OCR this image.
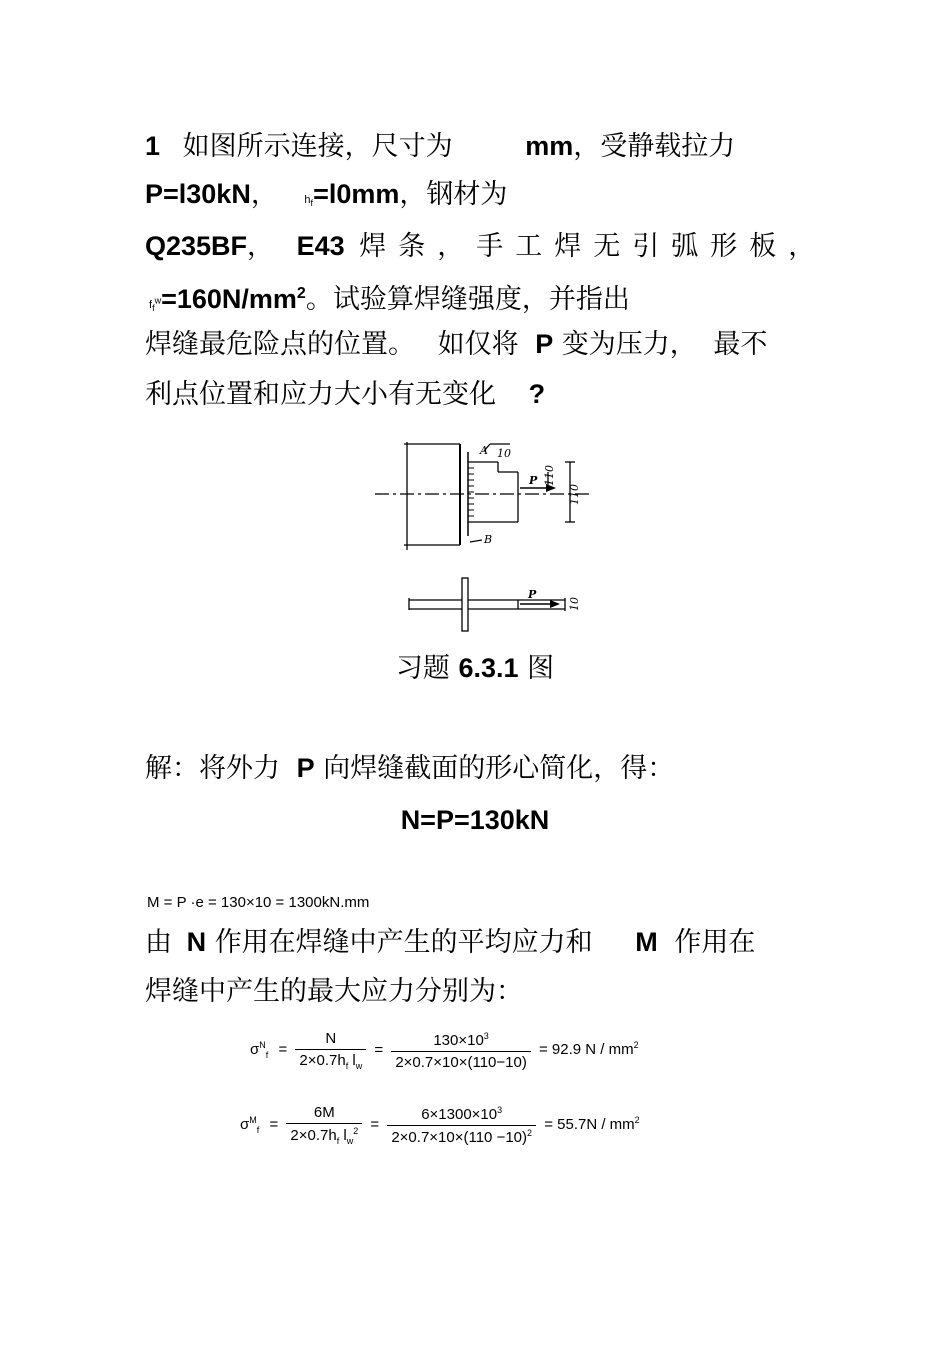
1 如图所示连接，尺寸为	mm，受静载拉力
P=l30kN， $h_f=l0mm$，钢材为
Q235BF， E43 焊条，手工焊无引弧形板，
$f_f^w=160N/mm^2$。试验算焊缝强度，并指出
焊缝最危险点的位置。 如仅将 P 变为压力， 最不
利点位置和应力大小有无变化 ?
A
B
P
10
110
110
P
10
习题 6.3.1 图
解：将外力 P 向焊缝截面的形心简化，得：
N=P=130kN
M = P ·e = 130×10 = 1300kN.mm
由 N 作用在焊缝中产生的平均应力和 M 作用在
焊缝中产生的最大应力分别为：
$\sigma^N_f = \frac{N}{2\times 0.7h_f l_w} = \frac{130\times 10^3}{2\times 0.7\times 10\times(110-10)} = 92.9$ N / $mm^2$
$\sigma^M_f = \frac{6M}{2\times 0.7h_f l_w^2} = \frac{6\times 1300\times 10^3}{2\times 0.7\times 10\times(110 -10)^2} = 55.7N / mm^2$
